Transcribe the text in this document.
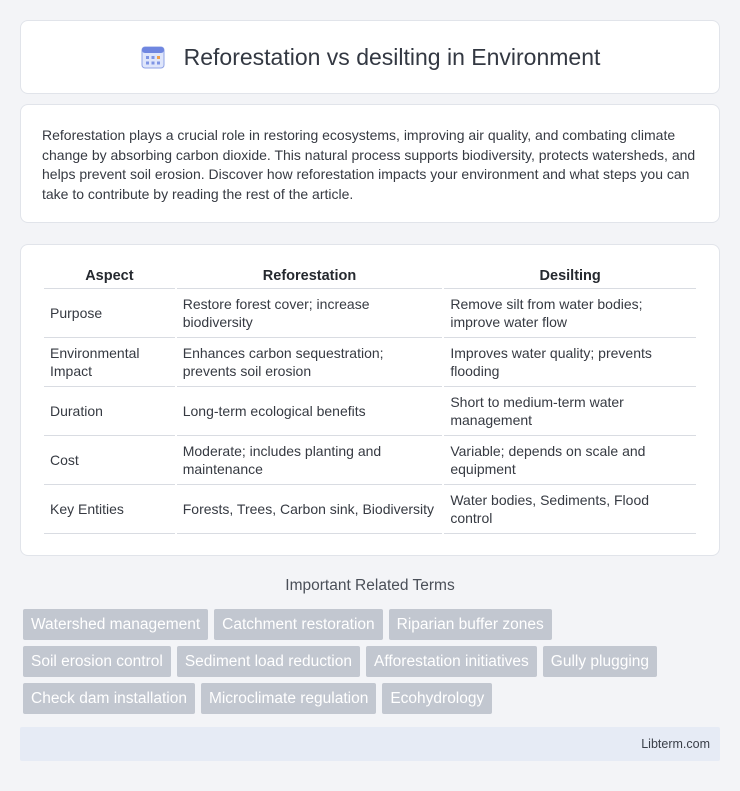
Reforestation vs desilting in Environment

Reforestation plays a crucial role in restoring ecosystems, improving air quality, and combating climate change by absorbing carbon dioxide. This natural process supports biodiversity, protects watersheds, and helps prevent soil erosion. Discover how reforestation impacts your environment and what steps you can take to contribute by reading the rest of the article.

Aspect	Reforestation	Desilting
Purpose	Restore forest cover; increase biodiversity	Remove silt from water bodies; improve water flow
Environmental Impact	Enhances carbon sequestration; prevents soil erosion	Improves water quality; prevents flooding
Duration	Long-term ecological benefits	Short to medium-term water management
Cost	Moderate; includes planting and maintenance	Variable; depends on scale and equipment
Key Entities	Forests, Trees, Carbon sink, Biodiversity	Water bodies, Sediments, Flood control
Important Related Terms
Watershed management	Catchment restoration	Riparian buffer zones
Soil erosion control	Sediment load reduction	Afforestation initiatives	Gully plugging
Check dam installation	Microclimate regulation	Ecohydrology
Libterm.com
